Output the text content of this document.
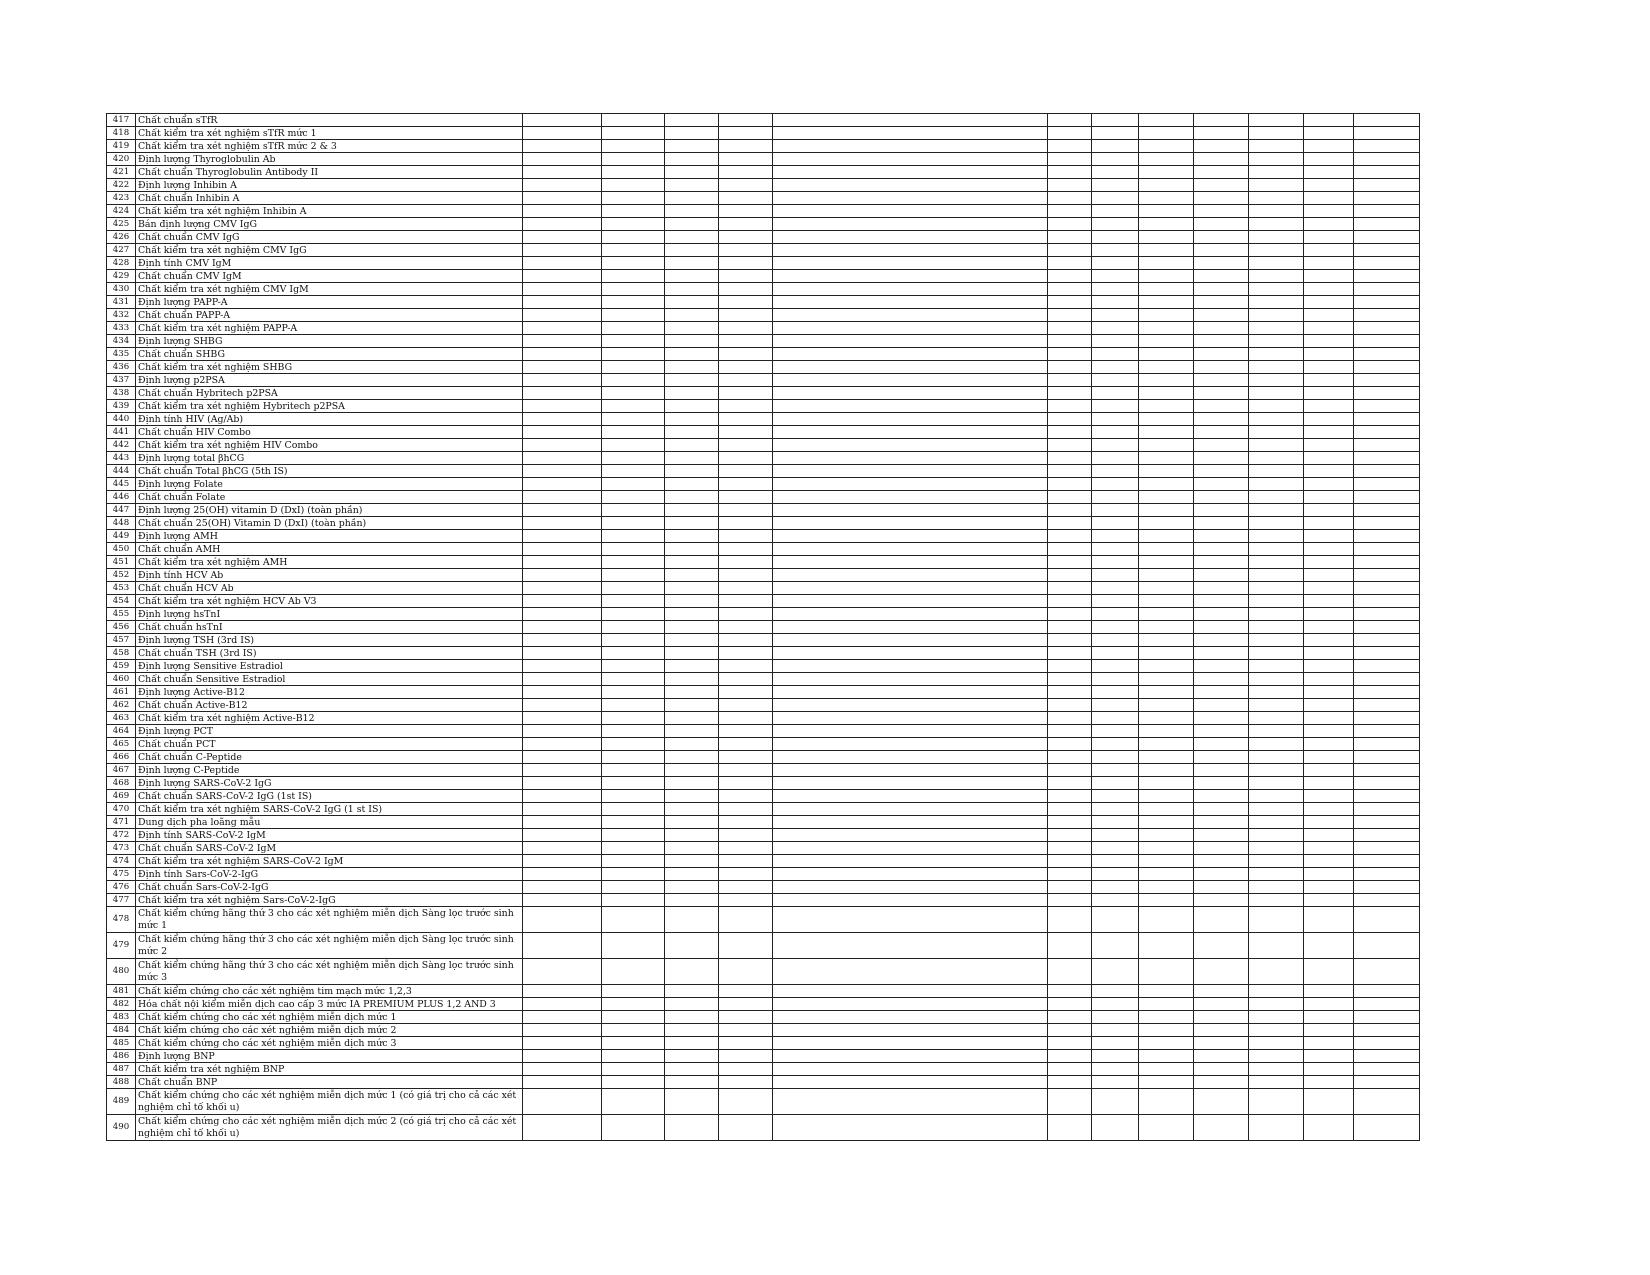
417	Chất chuẩn sTfR												
418	Chất kiểm tra xét nghiệm sTfR mức 1												
419	Chất kiểm tra xét nghiệm sTfR mức 2 & 3												
420	Định lượng Thyroglobulin Ab												
421	Chất chuẩn Thyroglobulin Antibody II												
422	Định lượng Inhibin A												
423	Chất chuẩn Inhibin A												
424	Chất kiểm tra xét nghiệm Inhibin A												
425	Bán định lượng CMV IgG												
426	Chất chuẩn CMV IgG												
427	Chất kiểm tra xét nghiệm CMV IgG												
428	Định tính CMV IgM												
429	Chất chuẩn CMV IgM												
430	Chất kiểm tra xét nghiệm CMV IgM												
431	Định lượng PAPP-A												
432	Chất chuẩn PAPP-A												
433	Chất kiểm tra xét nghiệm PAPP-A												
434	Định lượng SHBG												
435	Chất chuẩn SHBG												
436	Chất kiểm tra xét nghiệm SHBG												
437	Định lượng p2PSA												
438	Chất chuẩn Hybritech p2PSA												
439	Chất kiểm tra xét nghiệm Hybritech p2PSA												
440	Định tính HIV (Ag/Ab)												
441	Chất chuẩn HIV Combo												
442	Chất kiểm tra xét nghiệm HIV Combo												
443	Định lượng total βhCG												
444	Chất chuẩn Total βhCG (5th IS)												
445	Định lượng Folate												
446	Chất chuẩn Folate												
447	Định lượng 25(OH) vitamin D (DxI) (toàn phần)												
448	Chất chuẩn 25(OH) Vitamin D (DxI) (toàn phần)												
449	Định lượng AMH												
450	Chất chuẩn AMH												
451	Chất kiểm tra xét nghiệm AMH												
452	Định tính HCV Ab												
453	Chất chuẩn HCV Ab												
454	Chất kiểm tra xét nghiệm HCV Ab V3												
455	Định lượng hsTnI												
456	Chất chuẩn hsTnI												
457	Định lượng TSH (3rd IS)												
458	Chất chuẩn TSH (3rd IS)												
459	Định lượng Sensitive Estradiol												
460	Chất chuẩn Sensitive Estradiol												
461	Định lượng Active-B12												
462	Chất chuẩn Active-B12												
463	Chất kiểm tra xét nghiệm Active-B12												
464	Định lượng PCT												
465	Chất chuẩn PCT												
466	Chất chuẩn C-Peptide												
467	Định lượng C-Peptide												
468	Định lượng SARS-CoV-2 IgG												
469	Chất chuẩn SARS-CoV-2 IgG (1st IS)												
470	Chất kiểm tra xét nghiệm SARS-CoV-2 IgG (1 st IS)												
471	Dung dịch pha loãng mẫu												
472	Định tính SARS-CoV-2 IgM												
473	Chất chuẩn SARS-CoV-2 IgM												
474	Chất kiểm tra xét nghiệm SARS-CoV-2 IgM												
475	Định tính Sars-CoV-2-IgG												
476	Chất chuẩn Sars-CoV-2-IgG												
477	Chất kiểm tra xét nghiệm Sars-CoV-2-IgG												
478	Chất kiểm chứng hãng thứ 3 cho các xét nghiệm miễn dịch Sàng lọc trước sinh mức 1												
479	Chất kiểm chứng hãng thứ 3 cho các xét nghiệm miễn dịch Sàng lọc trước sinh mức 2												
480	Chất kiểm chứng hãng thứ 3 cho các xét nghiệm miễn dịch Sàng lọc trước sinh mức 3												
481	Chất kiểm chứng cho các xét nghiệm tim mạch mức 1,2,3												
482	Hóa chất nội kiểm miễn dịch cao cấp 3 mức IA PREMIUM PLUS 1,2 AND 3												
483	Chất kiểm chứng cho các xét nghiệm miễn dịch mức 1												
484	Chất kiểm chứng cho các xét nghiệm miễn dịch mức 2												
485	Chất kiểm chứng cho các xét nghiệm miễn dịch mức 3												
486	Định lượng BNP												
487	Chất kiểm tra xét nghiệm BNP												
488	Chất chuẩn BNP												
489	Chất kiểm chứng cho các xét nghiệm miễn dịch mức 1 (có giá trị cho cả các xét nghiệm chỉ tố khối u)												
490	Chất kiểm chứng cho các xét nghiệm miễn dịch mức 2 (có giá trị cho cả các xét nghiệm chỉ tố khối u)												
